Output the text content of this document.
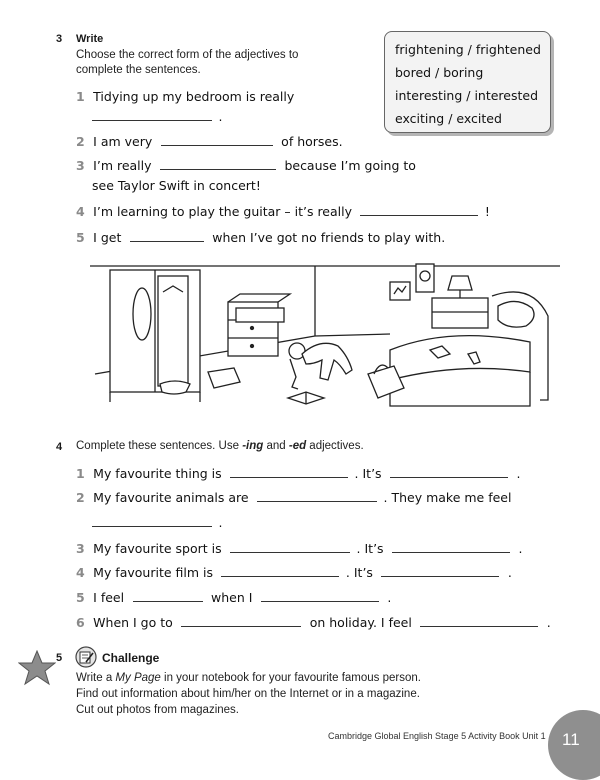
3 Write
Choose the correct form of the adjectives to
complete the sentences.
frightening / frightened
bored / boring
interesting / interested
exciting / excited
1 Tidying up my bedroom is really
.
2 I am very	of horses.
3 I’m really	because I’m going to
see Taylor Swift in concert!
4 I’m learning to play the guitar – it’s really	!
5 I get	when I’ve got no friends to play with.
4 Complete these sentences. Use -ing and -ed adjectives.
1 My favourite thing is	. It’s	.
2 My favourite animals are	. They make me feel
.
3 My favourite sport is	. It’s	.
4 My favourite film is	. It’s	.
5 I feel	when I	.
6 When I go to	on holiday. I feel	.
5	Challenge
Write a My Page in your notebook for your favourite famous person.
Find out information about him/her on the Internet or in a magazine.
Cut out photos from magazines.
Cambridge Global English Stage 5 Activity Book Unit 1 11
